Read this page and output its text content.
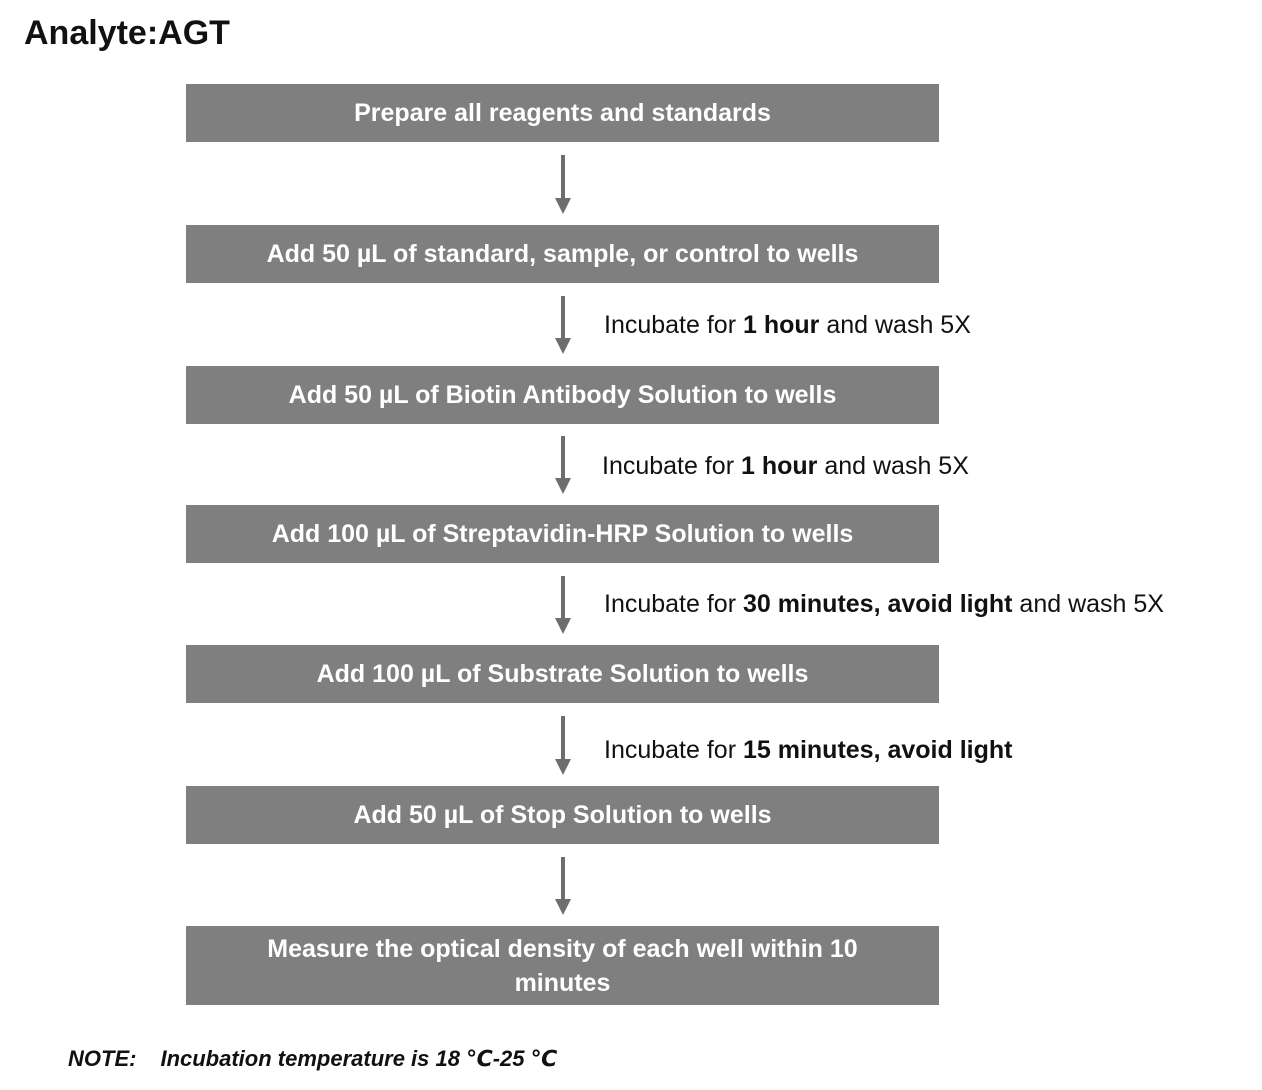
Analyte:AGT
Prepare all reagents and standards
Add 50 µL of standard, sample, or control to wells
Add 50 µL of Biotin Antibody Solution to wells
Add 100 µL of Streptavidin-HRP Solution to wells
Add 100 µL of Substrate Solution to wells
Add 50 µL of Stop Solution to wells
Measure the optical density of each well within 10 minutes
Incubate for 1 hour and wash 5X
Incubate for 1 hour and wash 5X
Incubate for 30 minutes, avoid light and wash 5X
Incubate for 15 minutes, avoid light
NOTE: Incubation temperature is 18 ℃-25 ℃
